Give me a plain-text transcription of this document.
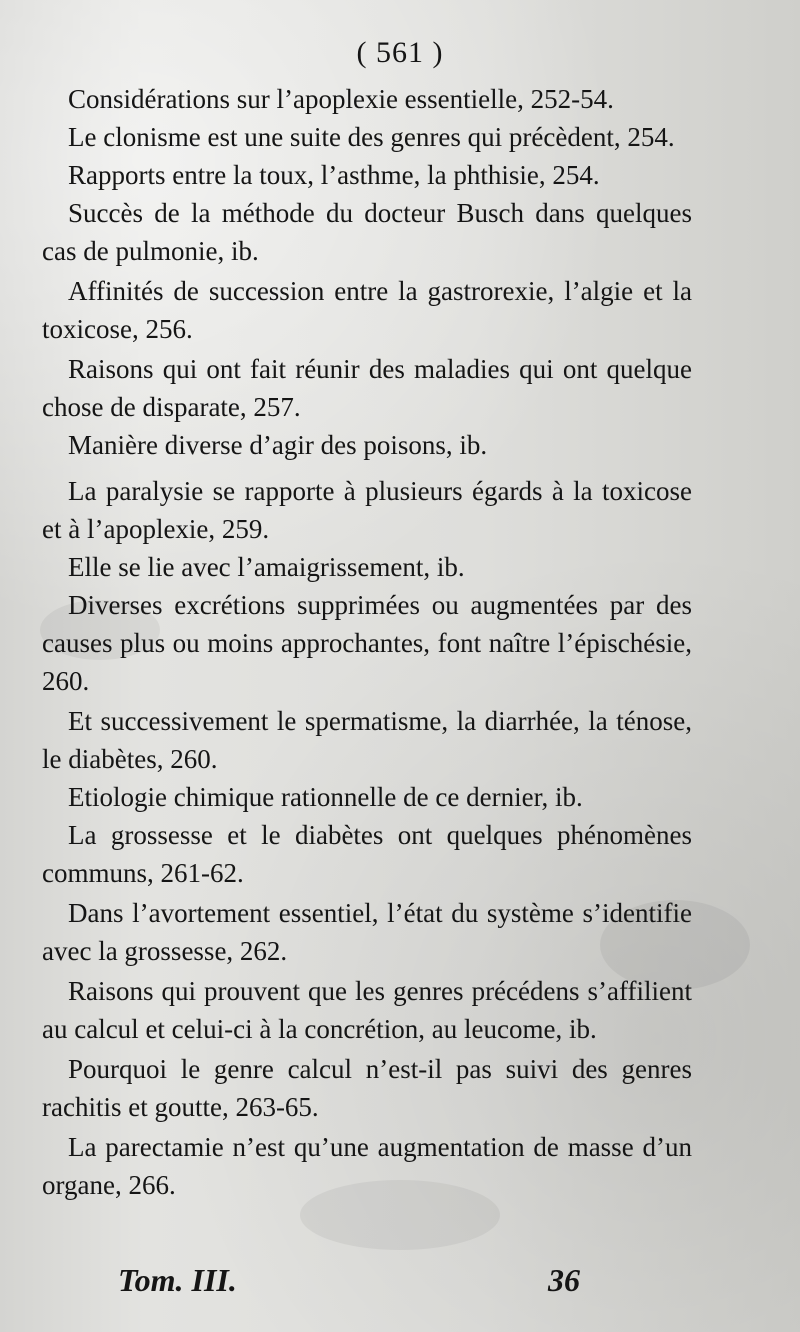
( 561 )

Considérations sur l’apoplexie essentielle, 252-54.

Le clonisme est une suite des genres qui précèdent, 254.

Rapports entre la toux, l’asthme, la phthisie, 254.

Succès de la méthode du docteur Busch dans quelques cas de pulmonie, ib.

Affinités de succession entre la gastrorexie, l’algie et la toxicose, 256.

Raisons qui ont fait réunir des maladies qui ont quelque chose de disparate, 257.

Manière diverse d’agir des poisons, ib.

La paralysie se rapporte à plusieurs égards à la toxicose et à l’apoplexie, 259.

Elle se lie avec l’amaigrissement, ib.

Diverses excrétions supprimées ou augmentées par des causes plus ou moins approchantes, font naître l’épischésie, 260.

Et successivement le spermatisme, la diarrhée, la ténose, le diabètes, 260.

Etiologie chimique rationnelle de ce dernier, ib.

La grossesse et le diabètes ont quelques phénomènes communs, 261-62.

Dans l’avortement essentiel, l’état du système s’identifie avec la grossesse, 262.

Raisons qui prouvent que les genres précédens s’affilient au calcul et celui-ci à la concrétion, au leucome, ib.

Pourquoi le genre calcul n’est-il pas suivi des genres rachitis et goutte, 263-65.

La parectamie n’est qu’une augmentation de masse d’un organe, 266.

Tom. III.	36
